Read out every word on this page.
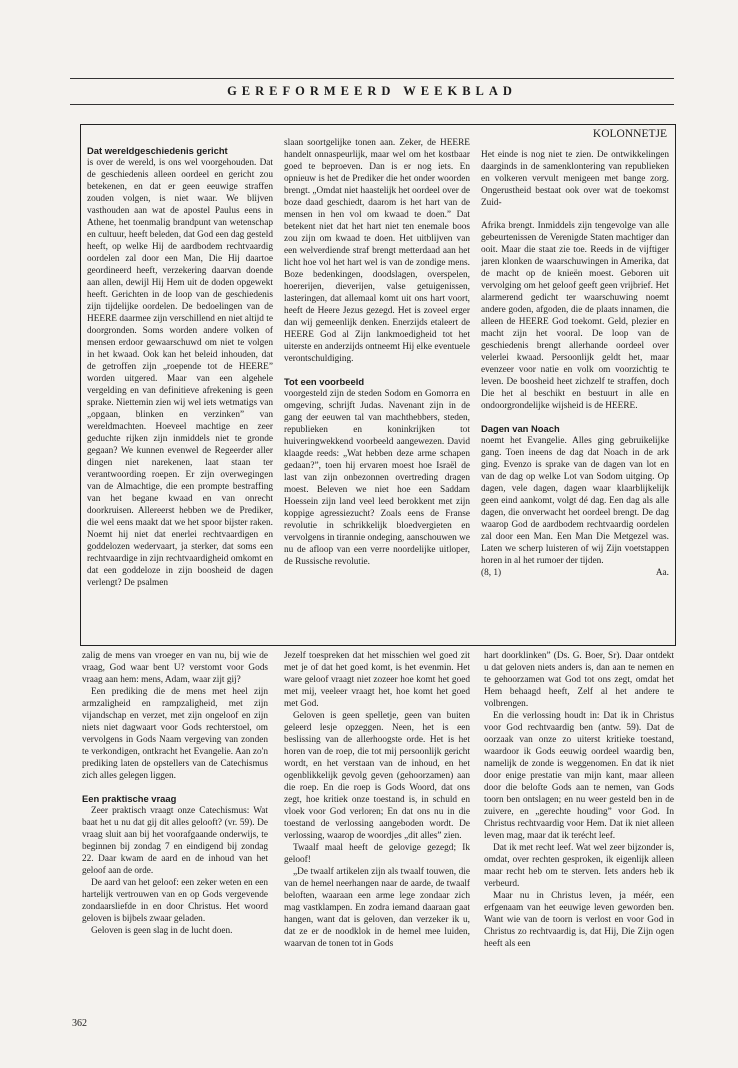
GEREFORMEERD WEEKBLAD
KOLONNETJE
Dat wereldgeschiedenis gericht

is over de wereld, is ons wel voorgehouden. Dat de geschiedenis alleen oordeel en gericht zou betekenen, en dat er geen eeuwige straffen zouden volgen, is niet waar. We blijven vasthouden aan wat de apostel Paulus eens in Athene, het toenmalig brandpunt van wetenschap en cultuur, heeft beleden, dat God een dag gesteld heeft, op welke Hij de aardbodem rechtvaardig oordelen zal door een Man, Die Hij daartoe geordineerd heeft, verzekering daarvan doende aan allen, dewijl Hij Hem uit de doden opgewekt heeft. Gerichten in de loop van de geschiedenis zijn tijdelijke oordelen. De bedoelingen van de HEERE daarmee zijn verschillend en niet altijd te doorgronden. Soms worden andere volken of mensen erdoor gewaarschuwd om niet te volgen in het kwaad. Ook kan het beleid inhouden, dat de getroffen zijn „roepende tot de HEERE” worden uitgered. Maar van een algehele vergelding en van definitieve afrekening is geen sprake. Niettemin zien wij wel iets wetmatigs van „opgaan, blinken en verzinken” van wereldmachten. Hoeveel machtige en zeer geduchte rijken zijn inmiddels niet te gronde gegaan? We kunnen evenwel de Regeerder aller dingen niet narekenen, laat staan ter verantwoording roepen. Er zijn overwegingen van de Almachtige, die een prompte bestraffing van het begane kwaad en van onrecht doorkruisen. Allereerst hebben we de Prediker, die wel eens maakt dat we het spoor bijster raken. Noemt hij niet dat enerlei rechtvaardigen en goddelozen wedervaart, ja sterker, dat soms een rechtvaardige in zijn rechtvaardigheid omkomt en dat een goddeloze in zijn boosheid de dagen verlengt? De psalmen

slaan soortgelijke tonen aan. Zeker, de HEERE handelt onnaspeurlijk, maar wel om het kostbaar goed te beproeven. Dan is er nog iets. En opnieuw is het de Prediker die het onder woorden brengt. „Omdat niet haastelijk het oordeel over de boze daad geschiedt, daarom is het hart van de mensen in hen vol om kwaad te doen.” Dat betekent niet dat het hart niet ten enemale boos zou zijn om kwaad te doen. Het uitblijven van een welverdiende straf brengt metterdaad aan het licht hoe vol het hart wel is van de zondige mens. Boze bedenkingen, doodslagen, overspelen, hoererijen, dieverijen, valse getuigenissen, lasteringen, dat allemaal komt uit ons hart voort, heeft de Heere Jezus gezegd. Het is zoveel erger dan wij gemeenlijk denken. Enerzijds etaleert de HEERE God al Zijn lankmoedigheid tot het uiterste en anderzijds ontneemt Hij elke eventuele verontschuldiging.

Tot een voorbeeld

voorgesteld zijn de steden Sodom en Gomorra en omgeving, schrijft Judas. Navenant zijn in de gang der eeuwen tal van machthebbers, steden, republieken en koninkrijken tot huiveringwekkend voorbeeld aangewezen. David klaagde reeds: „Wat hebben deze arme schapen gedaan?”, toen hij ervaren moest hoe Israël de last van zijn onbezonnen overtreding dragen moest. Beleven we niet hoe een Saddam Hoessein zijn land veel leed berokkent met zijn koppige agressiezucht? Zoals eens de Franse revolutie in schrikkelijk bloedvergieten en vervolgens in tirannie ondeging, aanschouwen we nu de afloop van een verre noordelijke uitloper, de Russische revolutie.

Het einde is nog niet te zien. De ontwikkelingen daarginds in de samenklontering van republieken en volkeren vervult menigeen met bange zorg. Ongerustheid bestaat ook over wat de toekomst Zuid-

Afrika brengt. Inmiddels zijn tengevolge van alle gebeurtenissen de Verenigde Staten machtiger dan ooit. Maar die staat zie toe. Reeds in de vijftiger jaren klonken de waarschuwingen in Amerika, dat de macht op de knieën moest. Geboren uit vervolging om het geloof geeft geen vrijbrief. Het alarmerend gedicht ter waarschuwing noemt andere goden, afgoden, die de plaats innamen, die alleen de HEERE God toekomt. Geld, plezier en macht zijn het vooral. De loop van de geschiedenis brengt allerhande oordeel over velerlei kwaad. Persoonlijk geldt het, maar evenzeer voor natie en volk om voorzichtig te leven. De boosheid heet zichzelf te straffen, doch Die het al beschikt en bestuurt in alle en ondoorgrondelijke wijsheid is de HEERE.

Dagen van Noach

noemt het Evangelie. Alles ging gebruikelijke gang. Toen ineens de dag dat Noach in de ark ging. Evenzo is sprake van de dagen van lot en van de dag op welke Lot van Sodom uitging. Op dagen, vele dagen, dagen waar klaarblijkelijk geen eind aankomt, volgt dé dag. Een dag als alle dagen, die onverwacht het oordeel brengt. De dag waarop God de aardbodem rechtvaardig oordelen zal door een Man. Een Man Die Metgezel was. Laten we scherp luisteren of wij Zijn voetstappen horen in al het rumoer der tijden.

(8, 1)	Aa.

zalig de mens van vroeger en van nu, bij wie de vraag, God waar bent U? verstomt voor Gods vraag aan hem: mens, Adam, waar zijt gij?

Een prediking die de mens met heel zijn armzaligheid en rampzaligheid, met zijn vijandschap en verzet, met zijn ongeloof en zijn niets niet dagwaart voor Gods rechterstoel, om vervolgens in Gods Naam vergeving van zonden te verkondigen, ontkracht het Evangelie. Aan zo'n prediking laten de opstellers van de Catechismus zich alles gelegen liggen.

Een praktische vraag

Zeer praktisch vraagt onze Catechismus: Wat baat het u nu dat gij dit alles gelooft? (vr. 59). De vraag sluit aan bij het voorafgaande onderwijs, te beginnen bij zondag 7 en eindigend bij zondag 22. Daar kwam de aard en de inhoud van het geloof aan de orde.

De aard van het geloof: een zeker weten en een hartelijk vertrouwen van en op Gods vergevende zondaarsliefde in en door Christus. Het woord geloven is bijbels zwaar geladen.

Geloven is geen slag in de lucht doen.

Jezelf toespreken dat het misschien wel goed zit met je of dat het goed komt, is het evenmin. Het ware geloof vraagt niet zozeer hoe komt het goed met mij, veeleer vraagt het, hoe komt het goed met God.

Geloven is geen spelletje, geen van buiten geleerd lesje opzeggen. Neen, het is een beslissing van de allerhoogste orde. Het is het horen van de roep, die tot mij persoonlijk gericht wordt, en het verstaan van de inhoud, en het ogenblikkelijk gevolg geven (gehoorzamen) aan die roep. En die roep is Gods Woord, dat ons zegt, hoe kritiek onze toestand is, in schuld en vloek voor God verloren; En dat ons nu in die toestand de verlossing aangeboden wordt. De verlossing, waarop de woordjes „dit alles” zien.

Twaalf maal heeft de gelovige gezegd; Ik geloof!

„De twaalf artikelen zijn als twaalf touwen, die van de hemel neerhangen naar de aarde, de twaalf beloften, waaraan een arme lege zondaar zich mag vastklampen. En zodra iemand daaraan gaat hangen, want dat is geloven, dan verzeker ik u, dat ze er de noodklok in de hemel mee luiden, waarvan de tonen tot in Gods

hart doorklinken” (Ds. G. Boer, Sr). Daar ontdekt u dat geloven niets anders is, dan aan te nemen en te gehoorzamen wat God tot ons zegt, omdat het Hem behaagd heeft, Zelf al het andere te volbrengen.

En die verlossing houdt in: Dat ik in Christus voor God rechtvaardig ben (antw. 59). Dat de oorzaak van onze zo uiterst kritieke toestand, waardoor ik Gods eeuwig oordeel waardig ben, namelijk de zonde is weggenomen. En dat ik niet door enige prestatie van mijn kant, maar alleen door die belofte Gods aan te nemen, van Gods toorn ben ontslagen; en nu weer gesteld ben in de zuivere, en „gerechte houding” voor God. In Christus rechtvaardig voor Hem. Dat ik niet alleen leven mag, maar dat ik terécht leef.

Dat ik met recht leef. Wat wel zeer bijzonder is, omdat, over rechten gesproken, ik eigenlijk alleen maar recht heb om te sterven. Iets anders heb ik verbeurd.

Maar nu in Christus leven, ja méér, een erfgenaam van het eeuwige leven geworden ben. Want wie van de toorn is verlost en voor God in Christus zo rechtvaardig is, dat Hij, Die Zijn ogen heeft als een

362
